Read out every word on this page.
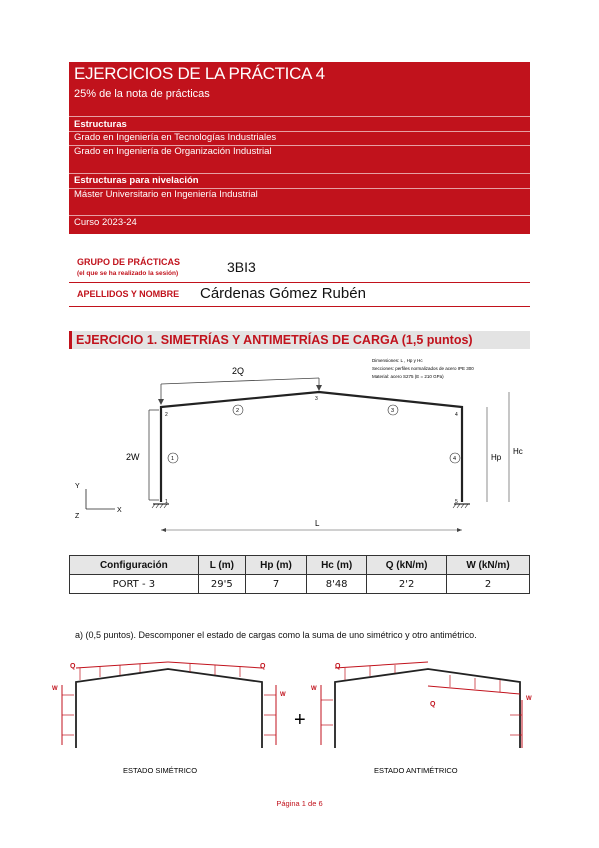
EJERCICIOS DE LA PRÁCTICA 4
25% de la nota de prácticas
Estructuras
Grado en Ingeniería en Tecnologías Industriales
Grado en Ingeniería de Organización Industrial
Estructuras para nivelación
Máster Universitario en Ingeniería Industrial
Curso 2023-24
GRUPO DE PRÁCTICAS
(el que se ha realizado la sesión)	3BI3
APELLIDOS Y NOMBRE Cárdenas Gómez Rubén
EJERCICIO 1. SIMETRÍAS Y ANTIMETRÍAS DE CARGA (1,5 puntos)
Dimensiones: L , Hp y Hc
Secciones: perfiles normalizados de acero IPE 300
Material: acero S275 (E = 210 GPa)
2Q
2W
2
1
3
4
5
2	3
1	4
L
Hp
Hc
Y
X
Z
Configuración	L (m)	Hp (m)	Hc (m)	Q (kN/m)	W (kN/m)
PORT - 3	29'5	7	8'48	2'2	2
a) (0,5 puntos). Descomponer el estado de cargas como la suma de uno simétrico y otro antimétrico.
Q	Q
W
W
ESTADO SIMÉTRICO
+
Q
Q
W
W
ESTADO ANTIMÉTRICO
Página 1 de 6
